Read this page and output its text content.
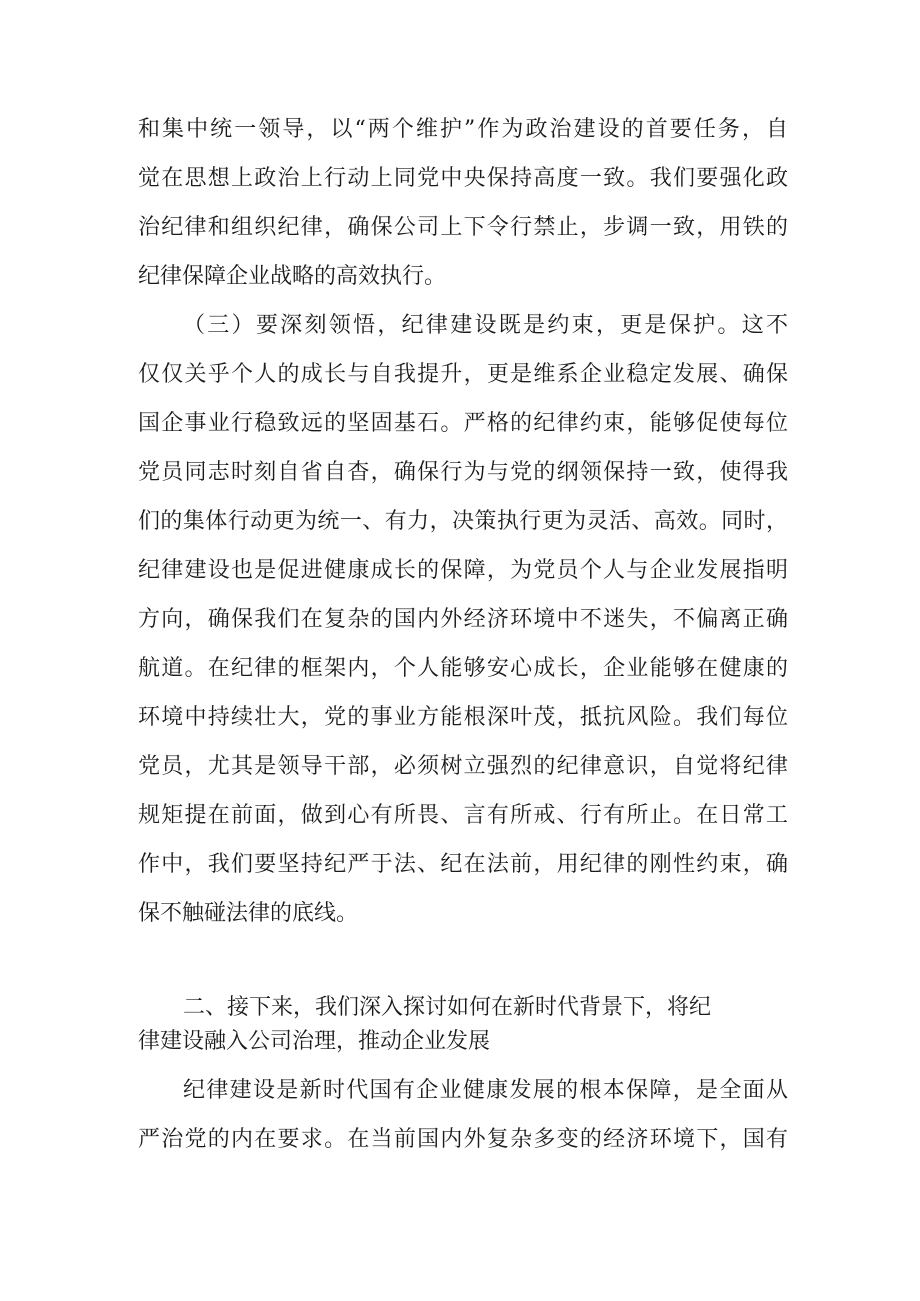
和集中统一领导，以“两个维护”作为政治建设的首要任务，自
觉在思想上政治上行动上同党中央保持高度一致。我们要强化政
治纪律和组织纪律，确保公司上下令行禁止，步调一致，用铁的
纪律保障企业战略的高效执行。
（三）要深刻领悟，纪律建设既是约束，更是保护。这不
仅仅关乎个人的成长与自我提升，更是维系企业稳定发展、确保
国企事业行稳致远的坚固基石。严格的纪律约束，能够促使每位
党员同志时刻自省自杳，确保行为与党的纲领保持一致，使得我
们的集体行动更为统一、有力，决策执行更为灵活、高效。同时，
纪律建设也是促进健康成长的保障，为党员个人与企业发展指明
方向，确保我们在复杂的国内外经济环境中不迷失，不偏离正确
航道。在纪律的框架内，个人能够安心成长，企业能够在健康的
环境中持续壮大，党的事业方能根深叶茂，抵抗风险。我们每位
党员，尤其是领导干部，必须树立强烈的纪律意识，自觉将纪律
规矩提在前面，做到心有所畏、言有所戒、行有所止。在日常工
作中，我们要坚持纪严于法、纪在法前，用纪律的刚性约束，确
保不触碰法律的底线。
二、接下来，我们深入探讨如何在新时代背景下，将纪
律建设融入公司治理，推动企业发展
纪律建设是新时代国有企业健康发展的根本保障，是全面从
严治党的内在要求。在当前国内外复杂多变的经济环境下，国有
